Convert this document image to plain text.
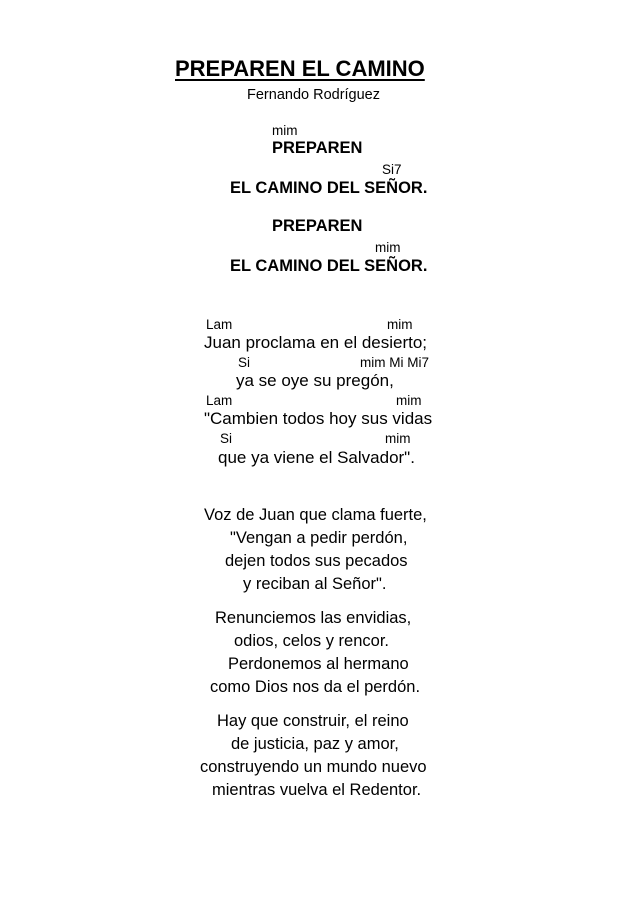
PREPAREN EL CAMINO
Fernando Rodríguez
mim
PREPAREN
Si7
EL CAMINO DEL SEÑOR.
PREPAREN
mim
EL CAMINO DEL SEÑOR.
Lam	mim
Juan proclama en el desierto;
Si	mim Mi Mi7
ya se oye su pregón,
Lam	mim
"Cambien todos hoy sus vidas
Si	mim
que ya viene el Salvador".
Voz de Juan que clama fuerte,
"Vengan a pedir perdón,
dejen todos sus pecados
y reciban al Señor".
Renunciemos las envidias,
odios, celos y rencor.
Perdonemos al hermano
como Dios nos da el perdón.
Hay que construir, el reino
de justicia, paz y amor,
construyendo un mundo nuevo
mientras vuelva el Redentor.
